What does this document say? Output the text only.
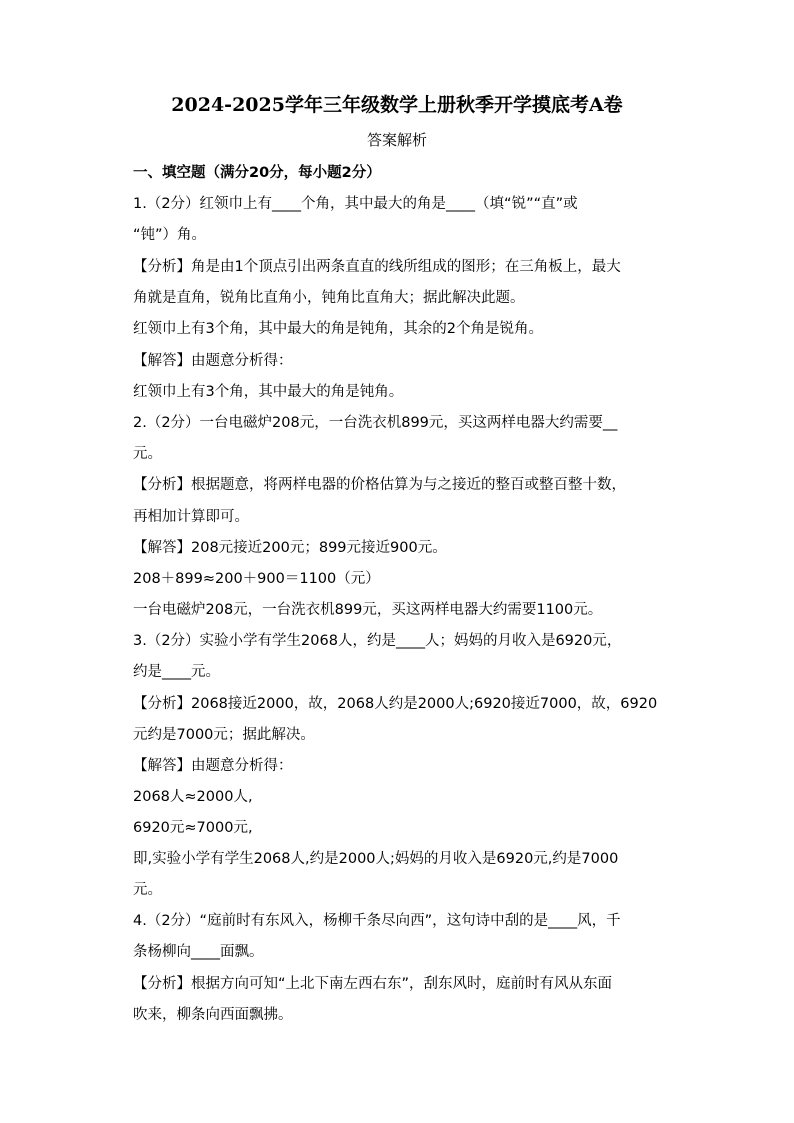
2024-2025学年三年级数学上册秋季开学摸底考A卷
答案解析
一、填空题（满分20分，每小题2分）
1.（2分）红领巾上有____个角，其中最大的角是____（填“锐”“直”或
“钝”）角。
【分析】角是由1个顶点引出两条直直的线所组成的图形；在三角板上，最大
角就是直角，锐角比直角小，钝角比直角大；据此解决此题。
红领巾上有3个角，其中最大的角是钝角，其余的2个角是锐角。
【解答】由题意分析得：
红领巾上有3个角，其中最大的角是钝角。
2.（2分）一台电磁炉208元，一台洗衣机899元，买这两样电器大约需要__
元。
【分析】根据题意，将两样电器的价格估算为与之接近的整百或整百整十数，
再相加计算即可。
【解答】208元接近200元；899元接近900元。
208＋899≈200＋900＝1100（元）
一台电磁炉208元，一台洗衣机899元，买这两样电器大约需要1100元。
3.（2分）实验小学有学生2068人，约是____人；妈妈的月收入是6920元，
约是____元。
【分析】2068接近2000，故，2068人约是2000人;6920接近7000，故，6920
元约是7000元；据此解决。
【解答】由题意分析得：
2068人≈2000人,
6920元≈7000元,
即,实验小学有学生2068人,约是2000人;妈妈的月收入是6920元,约是7000
元。
4.（2分）“庭前时有东风入，杨柳千条尽向西”，这句诗中刮的是____风，千
条杨柳向____面飘。
【分析】根据方向可知“上北下南左西右东”，刮东风时，庭前时有风从东面
吹来，柳条向西面飘拂。
